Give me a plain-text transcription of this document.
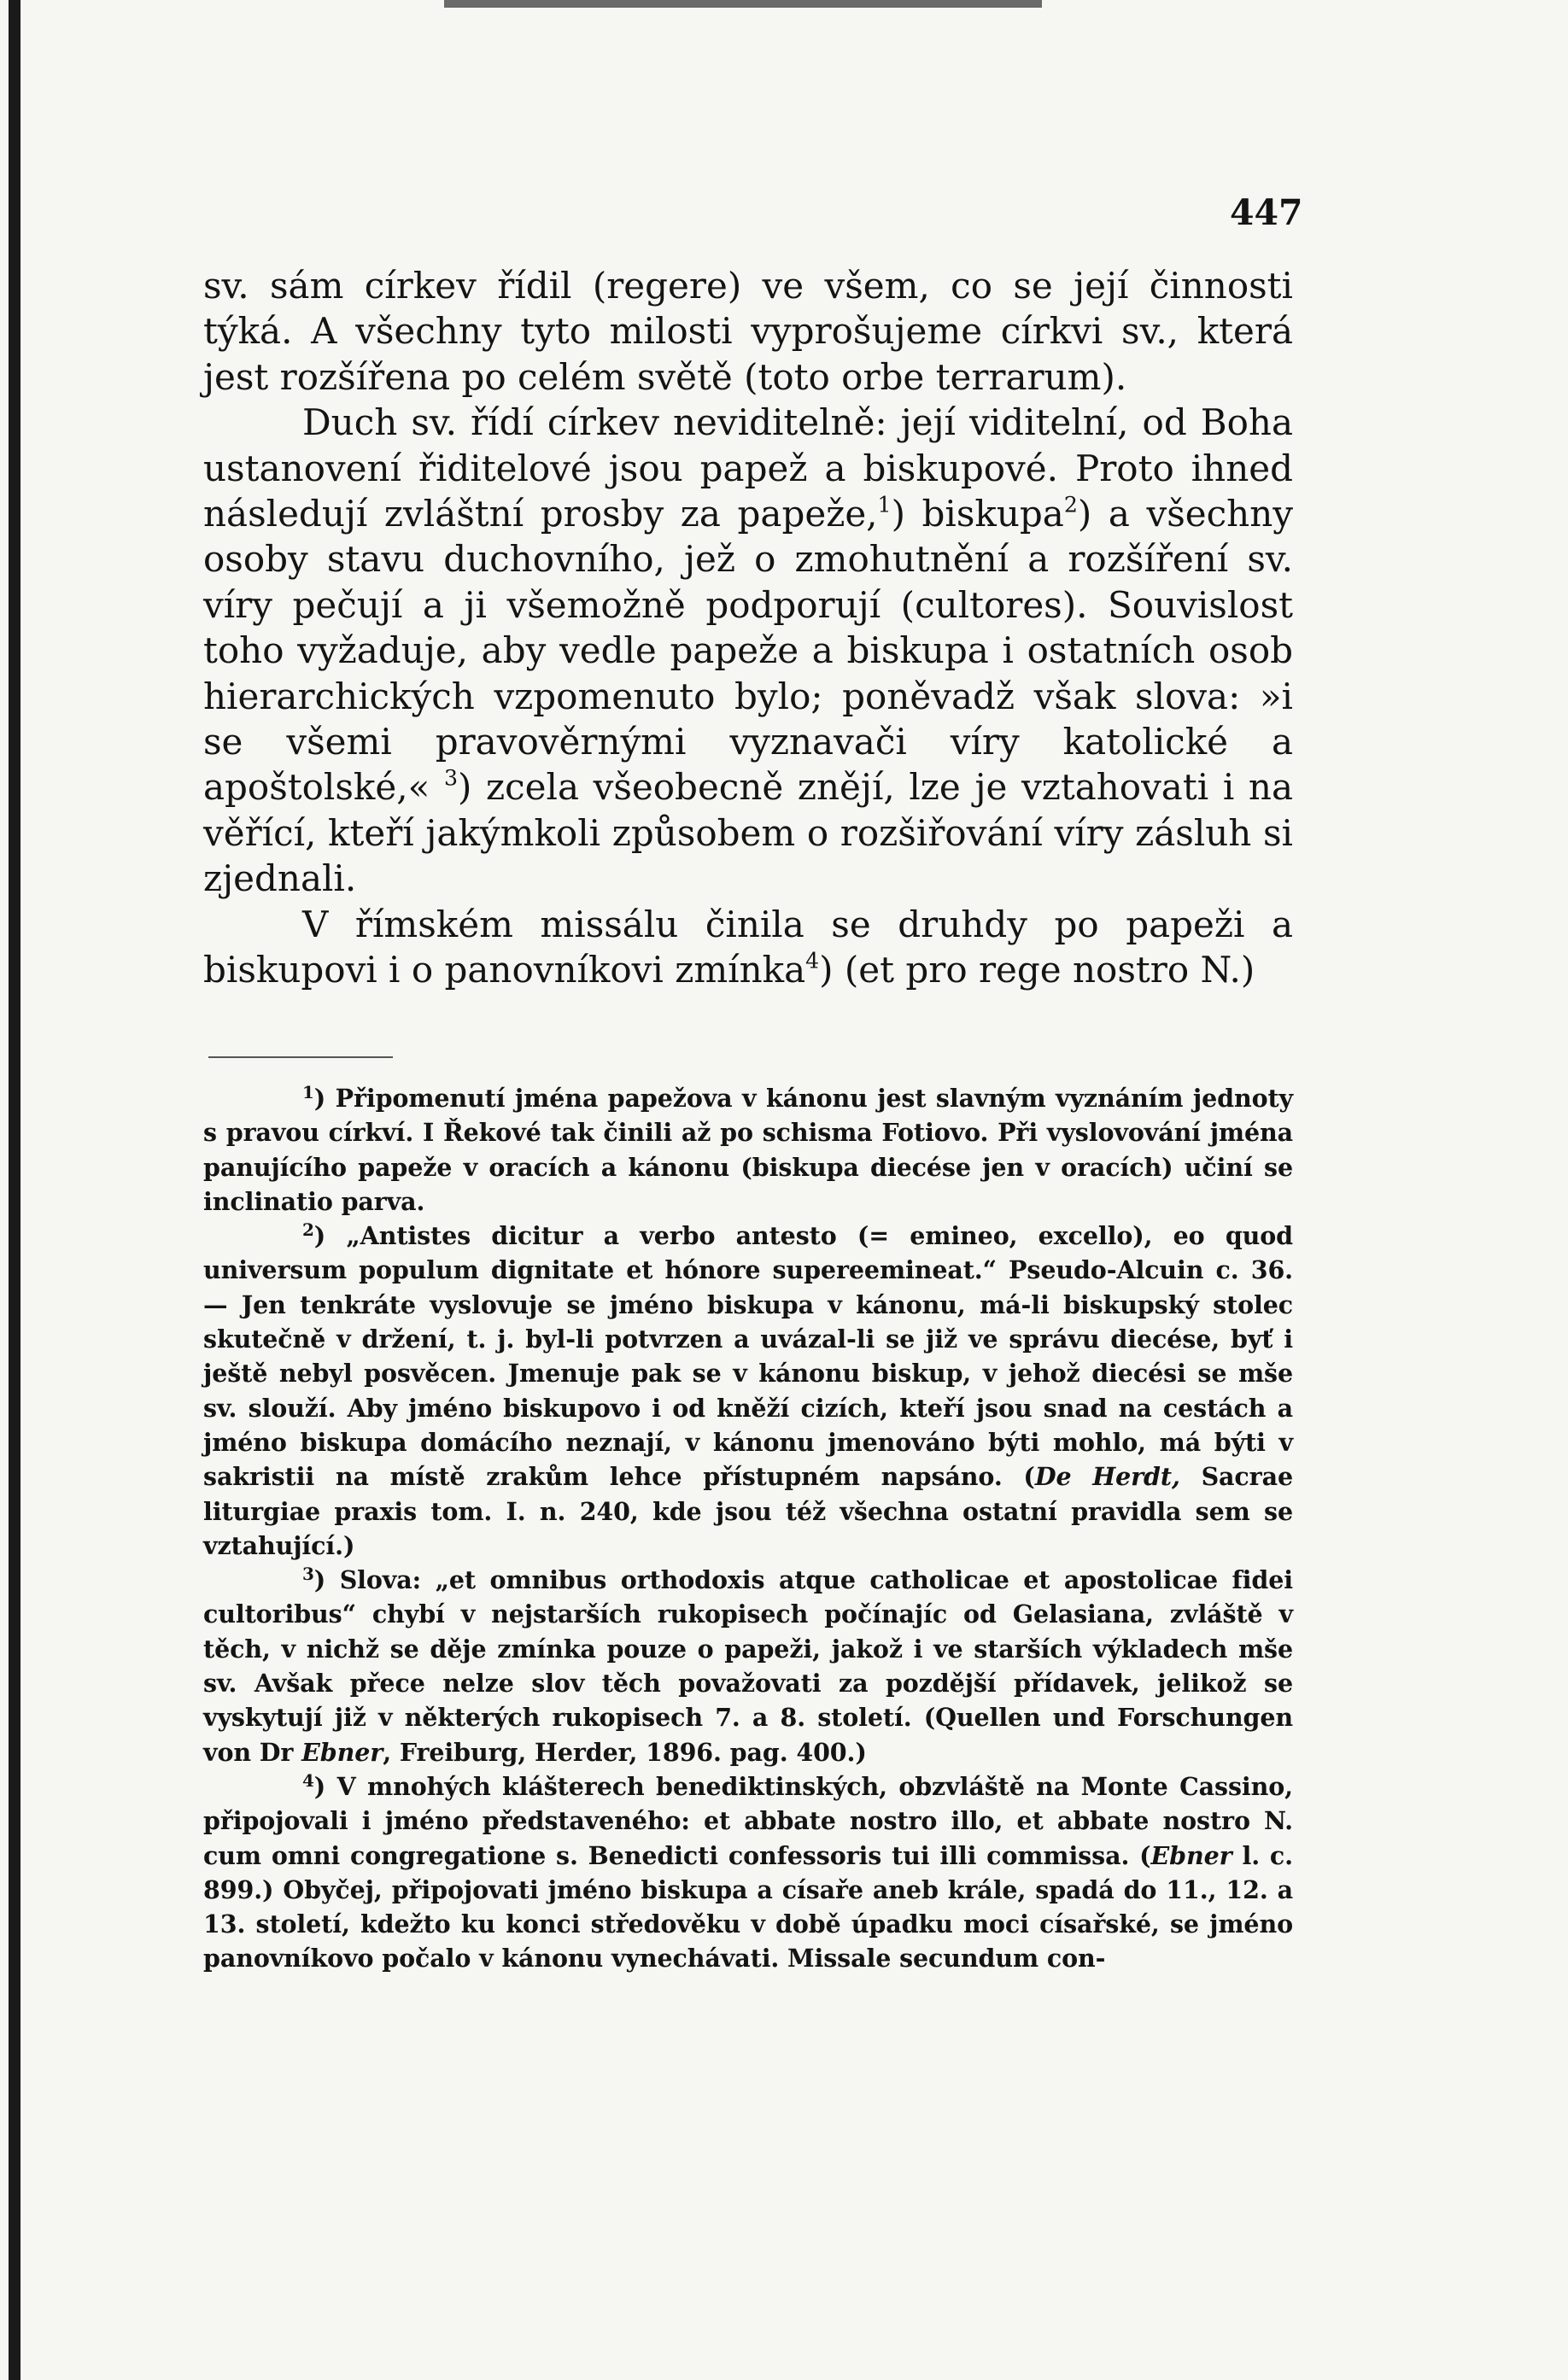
447

sv. sám církev řídil (regere) ve všem, co se její činnosti týká. A všechny tyto milosti vyprošujeme církvi sv., která jest rozšířena po celém světě (toto orbe terrarum).

Duch sv. řídí církev neviditelně: její viditelní, od Boha ustanovení řiditelové jsou papež a biskupové. Proto ihned následují zvláštní prosby za papeže,$^1$) biskupa$^2$) a všechny osoby stavu duchovního, jež o zmohutnění a rozšíření sv. víry pečují a ji všemožně podporují (cultores). Souvislost toho vyžaduje, aby vedle papeže a biskupa i ostatních osob hierarchických vzpomenuto bylo; poněvadž však slova: »i se všemi pravověrnými vyznavači víry katolické a apoštolské,« $^3$) zcela všeobecně znějí, lze je vztahovati i na věřící, kteří jakýmkoli způsobem o rozšiřování víry zásluh si zjednali.

V římském missálu činila se druhdy po papeži a biskupovi i o panovníkovi zmínka$^4$) (et pro rege nostro N.)

$^1$) Připomenutí jména papežova v kánonu jest slavným vyznáním jednoty s pravou církví. I Řekové tak činili až po schisma Fotiovo. Při vyslovování jména panujícího papeže v oracích a kánonu (biskupa diecése jen v oracích) učiní se inclinatio parva.

$^2$) „Antistes dicitur a verbo antesto (= emineo, excello), eo quod universum populum dignitate et hónore supereemineat.“ Pseudo-Alcuin c. 36. — Jen tenkráte vyslovuje se jméno biskupa v kánonu, má-li biskupský stolec skutečně v držení, t. j. byl-li potvrzen a uvázal-li se již ve správu diecése, byť i ještě nebyl posvěcen. Jmenuje pak se v kánonu biskup, v jehož diecési se mše sv. slouží. Aby jméno biskupovo i od kněží cizích, kteří jsou snad na cestách a jméno biskupa domácího neznají, v kánonu jmenováno býti mohlo, má býti v sakristii na místě zrakům lehce přístupném napsáno. (De Herdt, Sacrae liturgiae praxis tom. I. n. 240, kde jsou též všechna ostatní pravidla sem se vztahující.)

$^3$) Slova: „et omnibus orthodoxis atque catholicae et apostolicae fidei cultoribus“ chybí v nejstarších rukopisech počínajíc od Gelasiana, zvláště v těch, v nichž se děje zmínka pouze o papeži, jakož i ve starších výkladech mše sv. Avšak přece nelze slov těch považovati za pozdější přídavek, jelikož se vyskytují již v některých rukopisech 7. a 8. století. (Quellen und Forschungen von Dr Ebner, Freiburg, Herder, 1896. pag. 400.)

$^4$) V mnohých klášterech benediktinských, obzvláště na Monte Cassino, připojovali i jméno představeného: et abbate nostro illo, et abbate nostro N. cum omni congregatione s. Benedicti confessoris tui illi commissa. (Ebner l. c. 899.) Obyčej, připojovati jméno biskupa a císaře aneb krále, spadá do 11., 12. a 13. století, kdežto ku konci středověku v době úpadku moci císařské, se jméno panovníkovo počalo v kánonu vynechávati. Missale secundum con-
